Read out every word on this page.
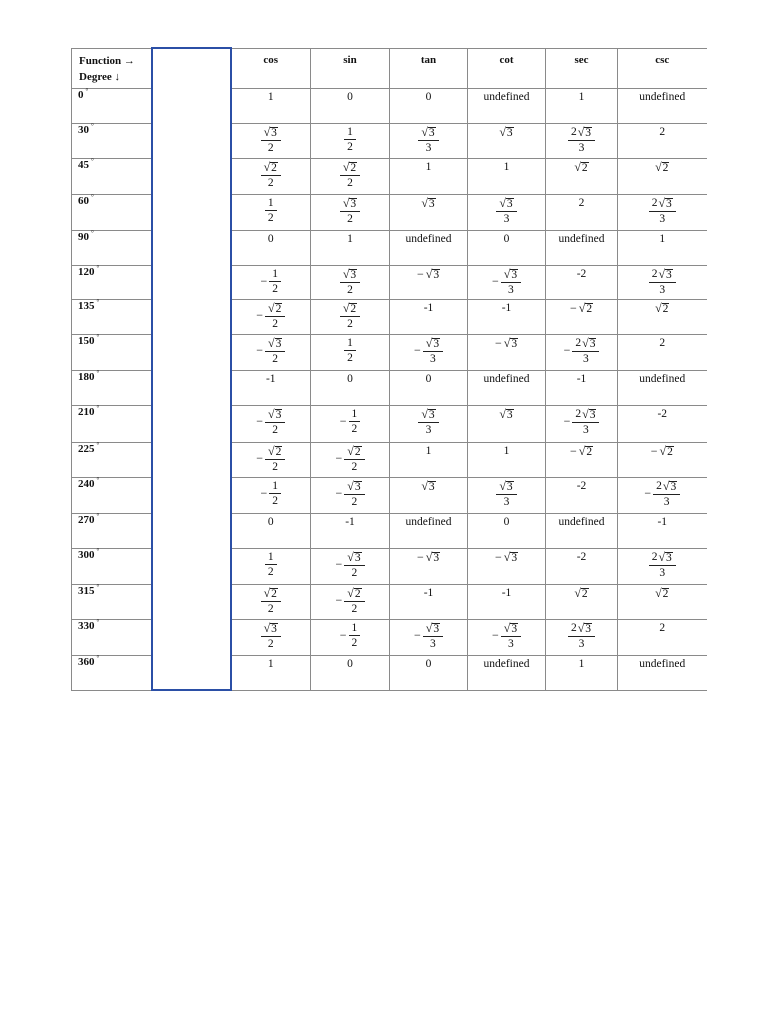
Function →
Degree ↓		cos	sin	tan	cot	sec	csc
0 °		1	0	0	undefined	1	undefined
30 °		$\frac{√ 3}{2}$	$\frac{1}{2}$	$\frac{√ 3}{3}$	√ 3	$\frac{2 √ 3}{3}$	2
45 °		$\frac{√ 2}{2}$	$\frac{√ 2}{2}$	1	1	√ 2	√ 2

60 °		$\frac{1}{2}$	$\frac{√ 3}{2}$	√ 3	$\frac{√ 3}{3}$	2	$\frac{2 √ 3}{3}$

90 °		0	1	undefined	0	undefined	1
120 °		− $\frac{1}{2}$	$\frac{√ 3}{2}$	− √ 3	− $\frac{√ 3}{3}$	-2	$\frac{2 √ 3}{3}$

135 °		− $\frac{√ 2}{2}$	$\frac{√ 2}{2}$	-1	-1	− √ 2	√ 2

150 °		− $\frac{√ 3}{2}$	$\frac{1}{2}$	− $\frac{√ 3}{3}$	− √ 3	− $\frac{2 √ 3}{3}$	2
180 °		-1	0	0	undefined	-1	undefined
210 °		− $\frac{√ 3}{2}$	− $\frac{1}{2}$	$\frac{√ 3}{3}$	√ 3	− $\frac{2 √ 3}{3}$	-2
225 °		− $\frac{√ 2}{2}$	− $\frac{√ 2}{2}$	1	1	− √ 2	− √ 2

240 °		− $\frac{1}{2}$	− $\frac{√ 3}{2}$	√ 3	$\frac{√ 3}{3}$	-2	− $\frac{2 √ 3}{3}$

270 °		0	-1	undefined	0	undefined	-1
300 °		$\frac{1}{2}$	− $\frac{√ 3}{2}$	− √ 3	− √ 3	-2	$\frac{2 √ 3}{3}$

315 °		$\frac{√ 2}{2}$	− $\frac{√ 2}{2}$	-1	-1	√ 2	√ 2

330 °		$\frac{√ 3}{2}$	− $\frac{1}{2}$	− $\frac{√ 3}{3}$	− $\frac{√ 3}{3}$	$\frac{2 √ 3}{3}$	2
360 °		1	0	0	undefined	1	undefined
